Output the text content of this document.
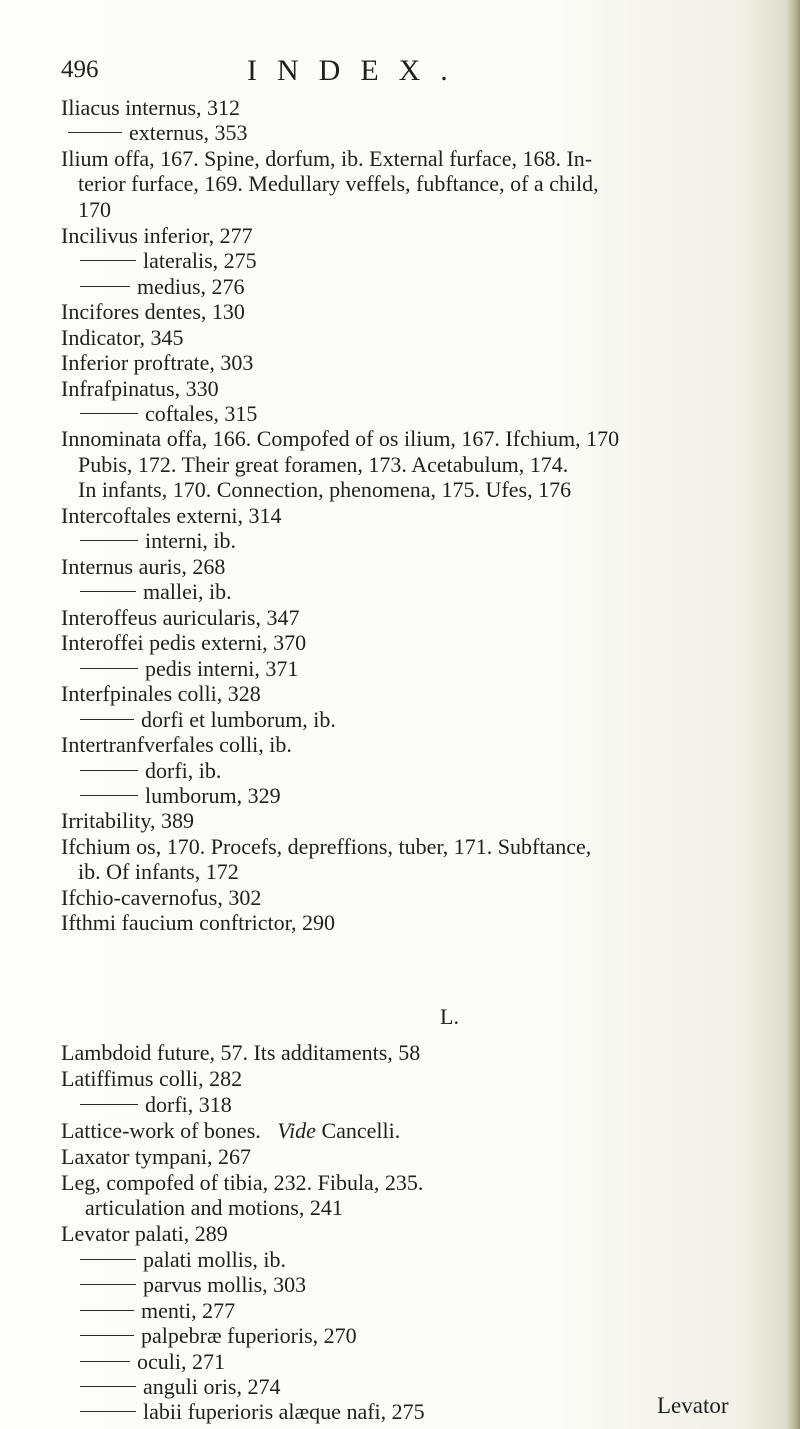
496	INDEX.
Iliacus internus, 312
externus, 353
Ilium offa, 167. Spine, dorfum, ib. External furface, 168. In-
terior furface, 169. Medullary veffels, fubftance, of a child,
170
Incilivus inferior, 277
lateralis, 275
medius, 276
Incifores dentes, 130
Indicator, 345
Inferior proftrate, 303
Infrafpinatus, 330
coftales, 315
Innominata offa, 166. Compofed of os ilium, 167. Ifchium, 170
Pubis, 172. Their great foramen, 173. Acetabulum, 174.
In infants, 170. Connection, phenomena, 175. Ufes, 176
Intercoftales externi, 314
interni, ib.
Internus auris, 268
mallei, ib.
Interoffeus auricularis, 347
Interoffei pedis externi, 370
pedis interni, 371
Interfpinales colli, 328
dorfi et lumborum, ib.
Intertranfverfales colli, ib.
dorfi, ib.
lumborum, 329
Irritability, 389
Ifchium os, 170. Procefs, depreffions, tuber, 171. Subftance,
ib. Of infants, 172
Ifchio-cavernofus, 302
Ifthmi faucium conftrictor, 290
L.
Lambdoid future, 57. Its additaments, 58
Latiffimus colli, 282
dorfi, 318
Lattice-work of bones. Vide Cancelli.
Laxator tympani, 267
Leg, compofed of tibia, 232. Fibula, 235.
articulation and motions, 241
Levator palati, 289
palati mollis, ib.
parvus mollis, 303
menti, 277
palpebræ fuperioris, 270
oculi, 271
anguli oris, 274
labii fuperioris alæque nafi, 275	Levator
